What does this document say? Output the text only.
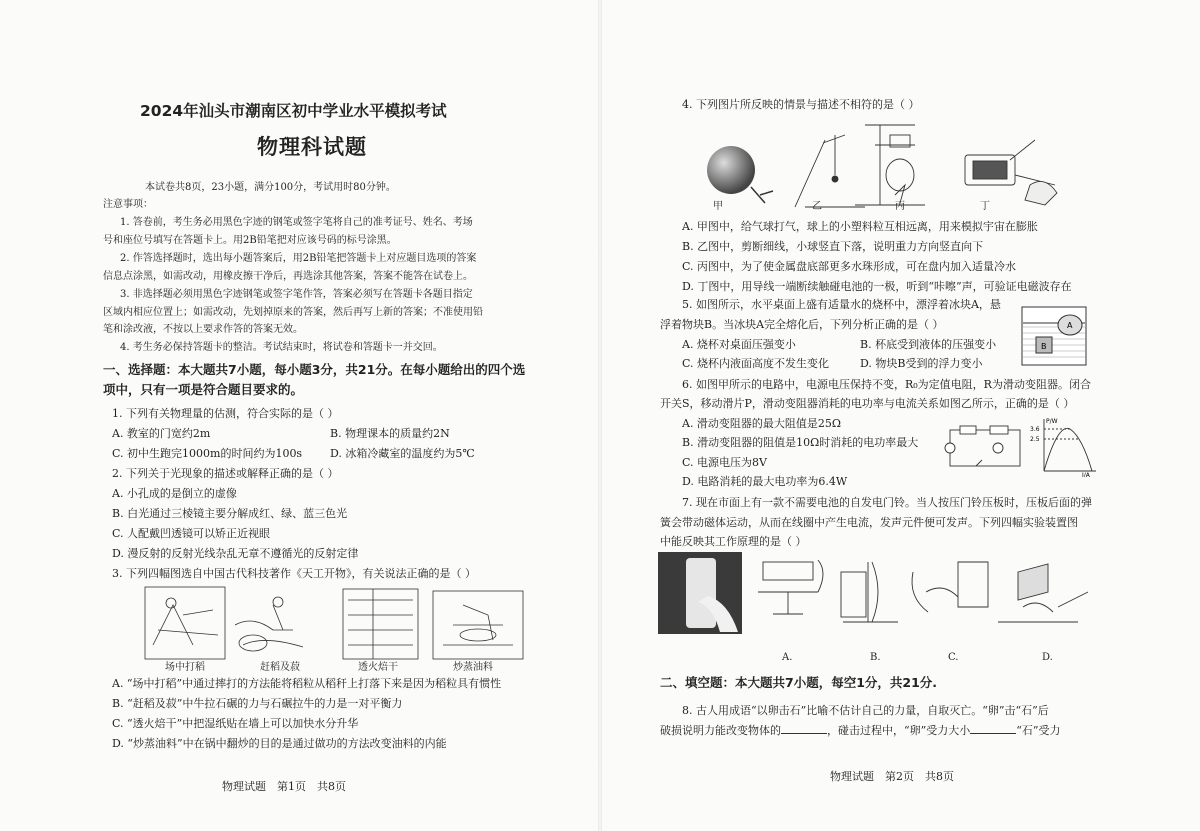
2024年汕头市潮南区初中学业水平模拟考试
物理科试题
本试卷共8页，23小题，满分100分，考试用时80分钟。
注意事项：
1. 答卷前，考生务必用黑色字迹的钢笔或签字笔将自己的准考证号、姓名、考场
号和座位号填写在答题卡上。用2B铅笔把对应该号码的标号涂黑。
2. 作答选择题时，选出每小题答案后，用2B铅笔把答题卡上对应题目选项的答案
信息点涂黑，如需改动，用橡皮擦干净后，再选涂其他答案，答案不能答在试卷上。
3. 非选择题必须用黑色字迹钢笔或签字笔作答，答案必须写在答题卡各题目指定
区域内相应位置上；如需改动，先划掉原来的答案，然后再写上新的答案；不准使用铅
笔和涂改液，不按以上要求作答的答案无效。
4. 考生务必保持答题卡的整洁。考试结束时，将试卷和答题卡一并交回。
一、选择题：本大题共7小题，每小题3分，共21分。在每小题给出的四个选
项中，只有一项是符合题目要求的。
1. 下列有关物理量的估测，符合实际的是（ ）
A. 教室的门宽约2m	B. 物理课本的质量约2N
C. 初中生跑完1000m的时间约为100s	D. 冰箱冷藏室的温度约为5℃
2. 下列关于光现象的描述或解释正确的是（ ）
A. 小孔成的是倒立的虚像
B. 白光通过三棱镜主要分解成红、绿、蓝三色光
C. 人配戴凹透镜可以矫正近视眼
D. 漫反射的反射光线杂乱无章不遵循光的反射定律
3. 下列四幅图选自中国古代科技著作《天工开物》，有关说法正确的是（ ）
场中打稻	赶稻及菽	透火焙干	炒蒸油料
A. “场中打稻”中通过摔打的方法能将稻粒从稻秆上打落下来是因为稻粒具有惯性
B. “赶稻及菽”中牛拉石碾的力与石碾拉牛的力是一对平衡力
C. “透火焙干”中把湿纸贴在墙上可以加快水分升华
D. “炒蒸油料”中在锅中翻炒的目的是通过做功的方法改变油料的内能
物理试题　第1页　共8页
4. 下列图片所反映的情景与描述不相符的是（ ）
甲	乙	丙	丁
A. 甲图中，给气球打气，球上的小塑料粒互相远离，用来模拟宇宙在膨胀
B. 乙图中，剪断细线，小球竖直下落，说明重力方向竖直向下
C. 丙图中，为了使金属盘底部更多水珠形成，可在盘内加入适量冷水
D. 丁图中，用导线一端断续触碰电池的一极，听到“咔嚓”声，可验证电磁波存在
5. 如图所示，水平桌面上盛有适量水的烧杯中，漂浮着冰块A，悬
浮着物块B。当冰块A完全熔化后，下列分析正确的是（ ）	A
B
A. 烧杯对桌面压强变小	B. 杯底受到液体的压强变小
C. 烧杯内液面高度不发生变化	D. 物块B受到的浮力变小
6. 如图甲所示的电路中，电源电压保持不变，R₀为定值电阻，R为滑动变阻器。闭合
开关S，移动滑片P，滑动变阻器消耗的电功率与电流关系如图乙所示，正确的是（ ）
A. 滑动变阻器的最大阻值是25Ω
B. 滑动变阻器的阻值是10Ω时消耗的电功率最大
C. 电源电压为8V
D. 电路消耗的最大电功率为6.4W
P/W
3.6
2.5
I/A
7. 现在市面上有一款不需要电池的自发电门铃。当人按压门铃压板时，压板后面的弹
簧会带动磁体运动，从而在线圈中产生电流，发声元件便可发声。下列四幅实验装置图
中能反映其工作原理的是（ ）
A.	B.	C.	D.
二、填空题：本大题共7小题，每空1分，共21分.
8. 古人用成语“以卵击石”比喻不估计自己的力量，自取灭亡。“卵”击“石”后
破损说明力能改变物体的	，碰击过程中，“卵”受力大小	“石”受力
物理试题　第2页　共8页
